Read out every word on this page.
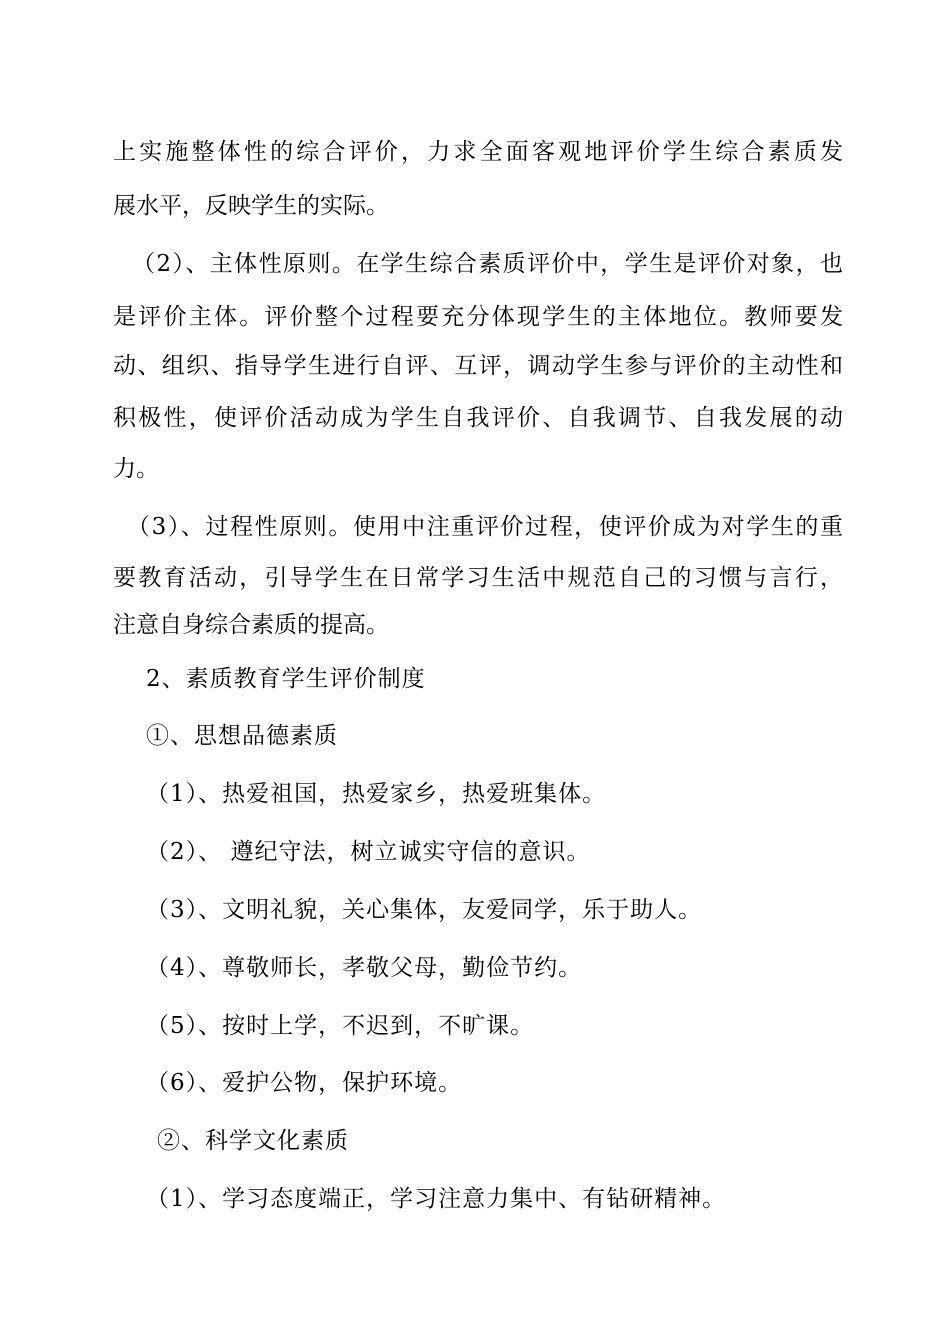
上实施整体性的综合评价，力求全面客观地评价学生综合素质发
展水平，反映学生的实际。
（2）、主体性原则。在学生综合素质评价中，学生是评价对象，也
是评价主体。评价整个过程要充分体现学生的主体地位。教师要发
动、组织、指导学生进行自评、互评，调动学生参与评价的主动性和
积极性，使评价活动成为学生自我评价、自我调节、自我发展的动
力。
（3）、过程性原则。使用中注重评价过程，使评价成为对学生的重
要教育活动，引导学生在日常学习生活中规范自己的习惯与言行，
注意自身综合素质的提高。
2、素质教育学生评价制度
①、思想品德素质
（1）、热爱祖国，热爱家乡，热爱班集体。
（2）、 遵纪守法，树立诚实守信的意识。
（3）、文明礼貌，关心集体，友爱同学，乐于助人。
（4）、尊敬师长，孝敬父母，勤俭节约。
（5）、按时上学，不迟到，不旷课。
（6）、爱护公物，保护环境。
②、科学文化素质
（1）、学习态度端正，学习注意力集中、有钻研精神。
